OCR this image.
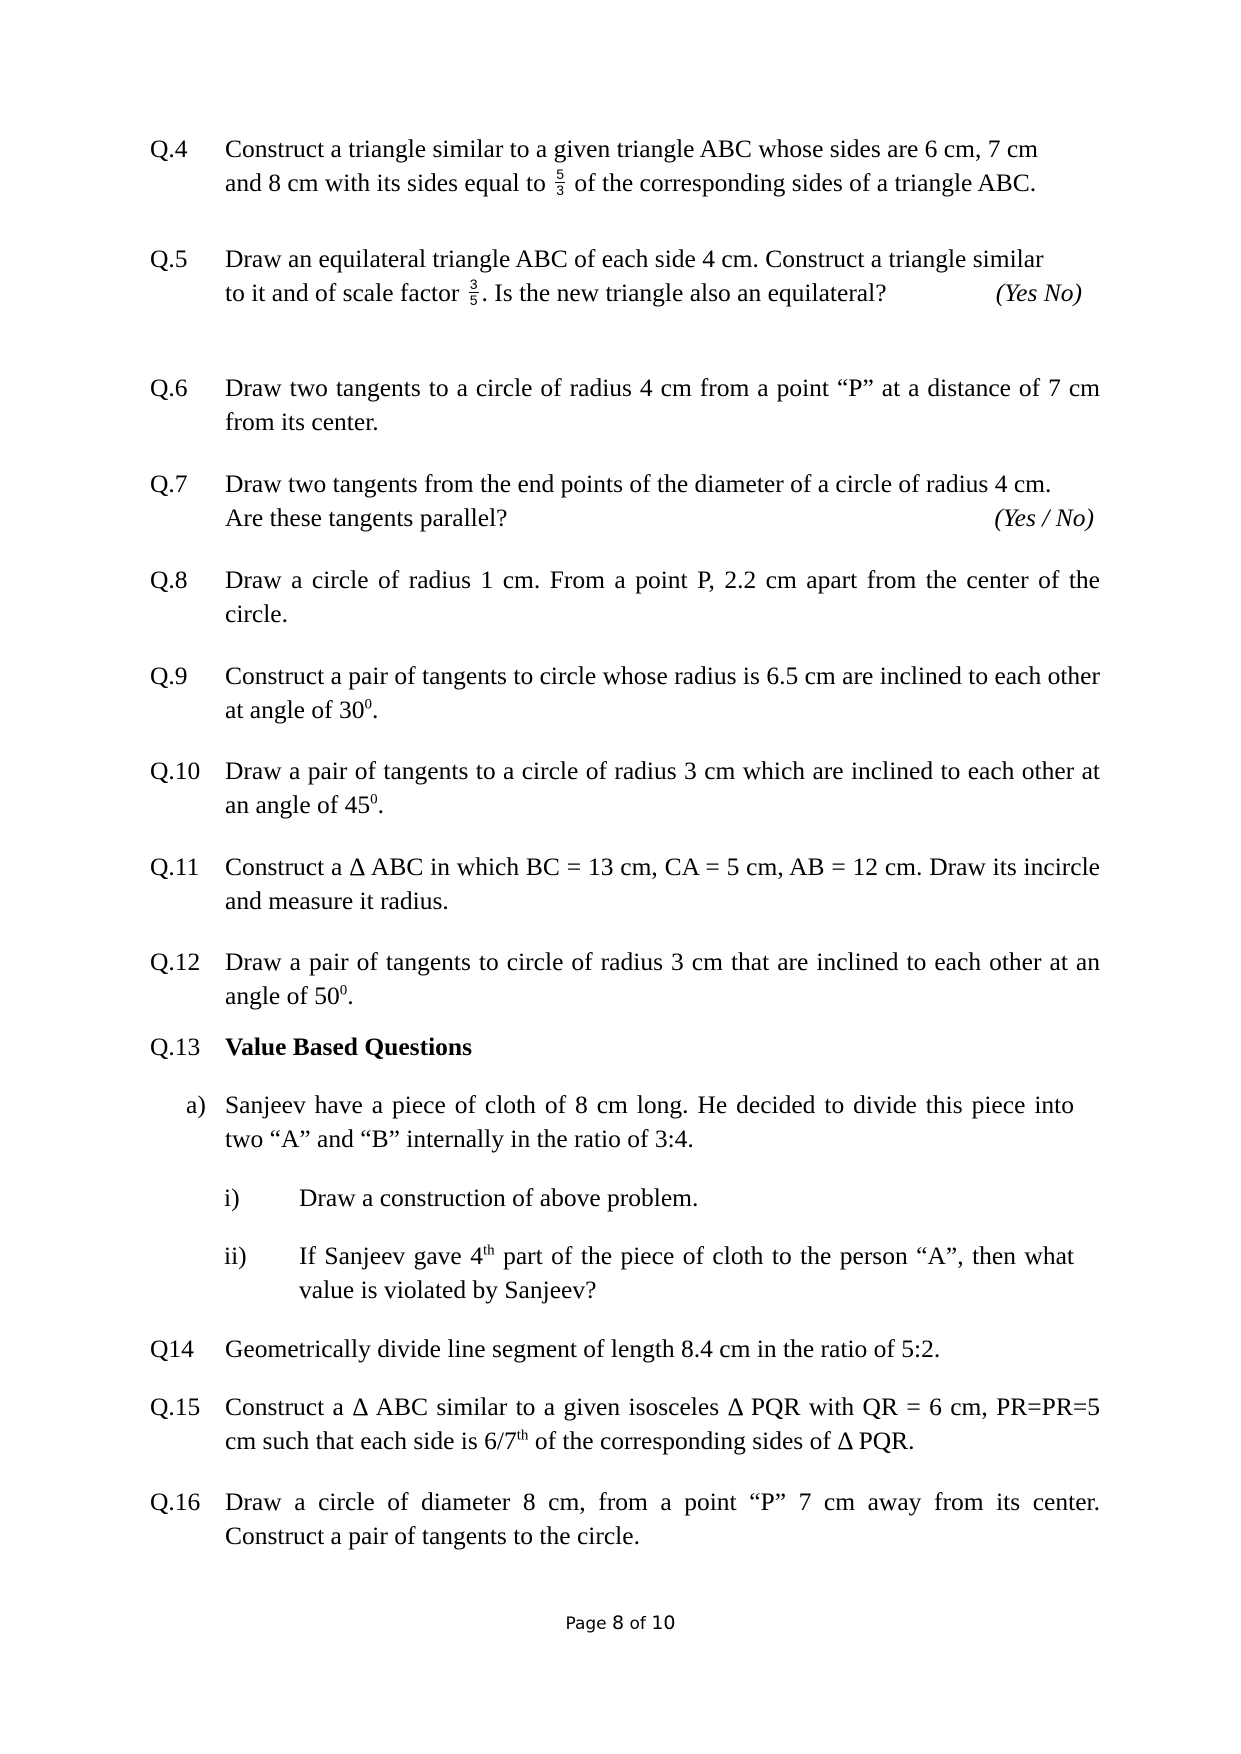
Q.4 Construct a triangle similar to a given triangle ABC whose sides are 6 cm, 7 cm
and 8 cm with its sides equal to $\frac{5}{3}$ of the corresponding sides of a triangle ABC.
Q.5 Draw an equilateral triangle ABC of each side 4 cm. Construct a triangle similar
to it and of scale factor $\frac{3}{5}$ . Is the new triangle also an equilateral?	(Yes No)
Q.6 Draw two tangents to a circle of radius 4 cm from a point “P” at a distance of 7 cm from its center.
Q.7 Draw two tangents from the end points of the diameter of a circle of radius 4 cm.
Are these tangents parallel?	(Yes / No)
Q.8 Draw a circle of radius 1 cm. From a point P, 2.2 cm apart from the center of the circle.
Q.9 Construct a pair of tangents to circle whose radius is 6.5 cm are inclined to each other at angle of $30^0$.
Q.10 Draw a pair of tangents to a circle of radius 3 cm which are inclined to each other at an angle of $45^0$.
Q.11 Construct a Δ ABC in which BC = 13 cm, CA = 5 cm, AB = 12 cm. Draw its incircle and measure it radius.
Q.12 Draw a pair of tangents to circle of radius 3 cm that are inclined to each other at an angle of $50^0$.
Q.13 Value Based Questions
a) Sanjeev have a piece of cloth of 8 cm long. He decided to divide this piece into two “A” and “B” internally in the ratio of 3:4.
i) Draw a construction of above problem.
ii) If Sanjeev gave 4th part of the piece of cloth to the person “A”, then what value is violated by Sanjeev?
Q14 Geometrically divide line segment of length 8.4 cm in the ratio of 5:2.
Q.15 Construct a Δ ABC similar to a given isosceles Δ PQR with QR = 6 cm, PR=PR=5 cm such that each side is 6/7th of the corresponding sides of Δ PQR.
Q.16 Draw a circle of diameter 8 cm, from a point “P” 7 cm away from its center. Construct a pair of tangents to the circle.
Page 8 of 10
